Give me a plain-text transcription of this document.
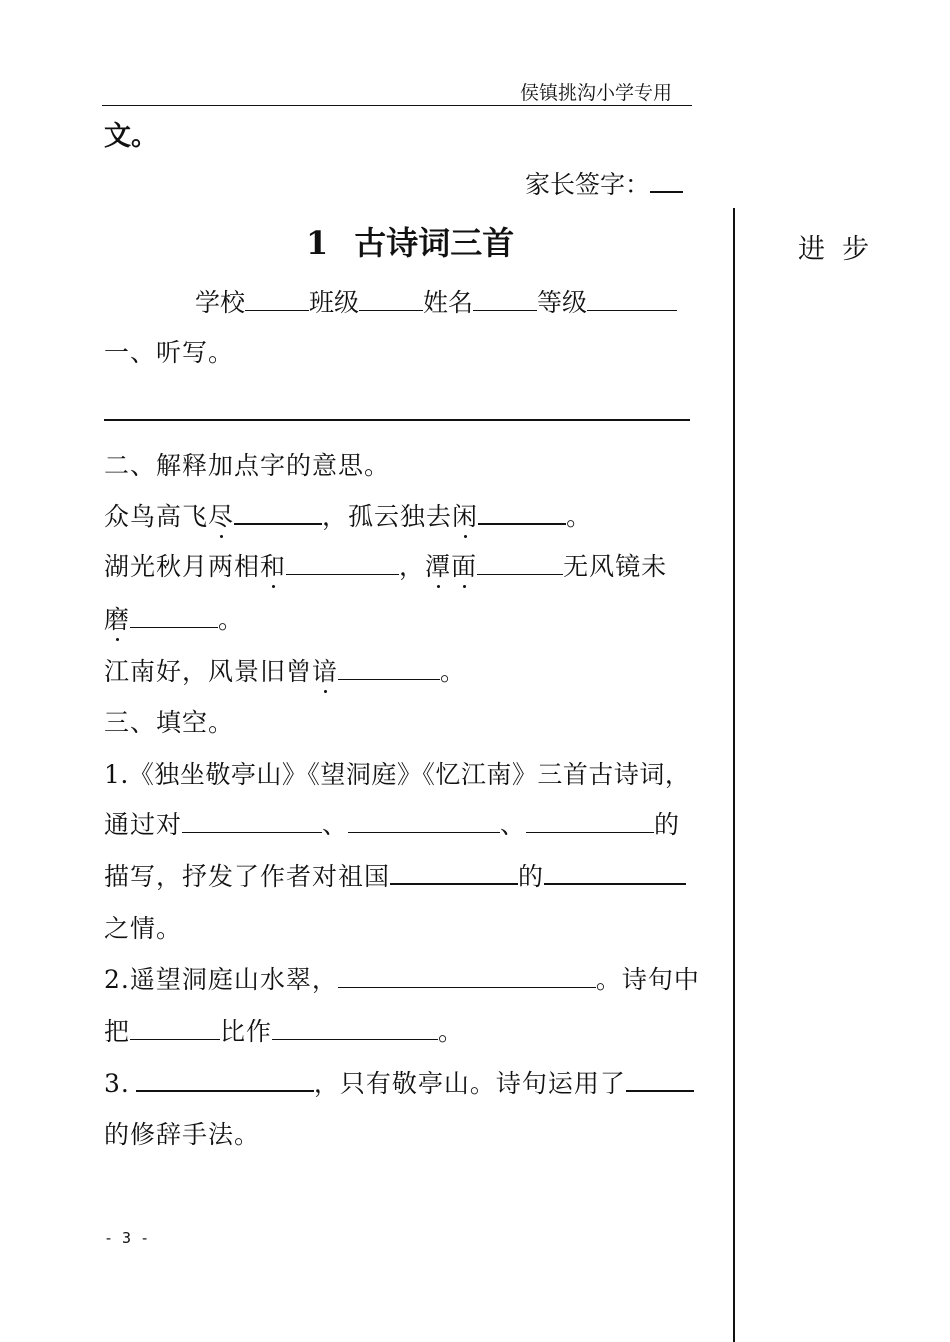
侯镇挑沟小学专用
文。
家长签字：
进  步
1 古诗词三首
学校	班级	姓名	等级
一、听写。
二、解释加点字的意思。
众鸟高飞尽	，孤云独去闲	。
湖光秋月两相和	，潭面	无风镜未
磨	。
江南好，风景旧曾谙	。
三、填空。
1.《独坐敬亭山》《望洞庭》《忆江南》三首古诗词，
通过对	、	、	的
描写，抒发了作者对祖国	的
之情。
2.遥望洞庭山水翠，	。诗句中
把	比作	。
3.	，只有敬亭山。诗句运用了
的修辞手法。
- 3 -
